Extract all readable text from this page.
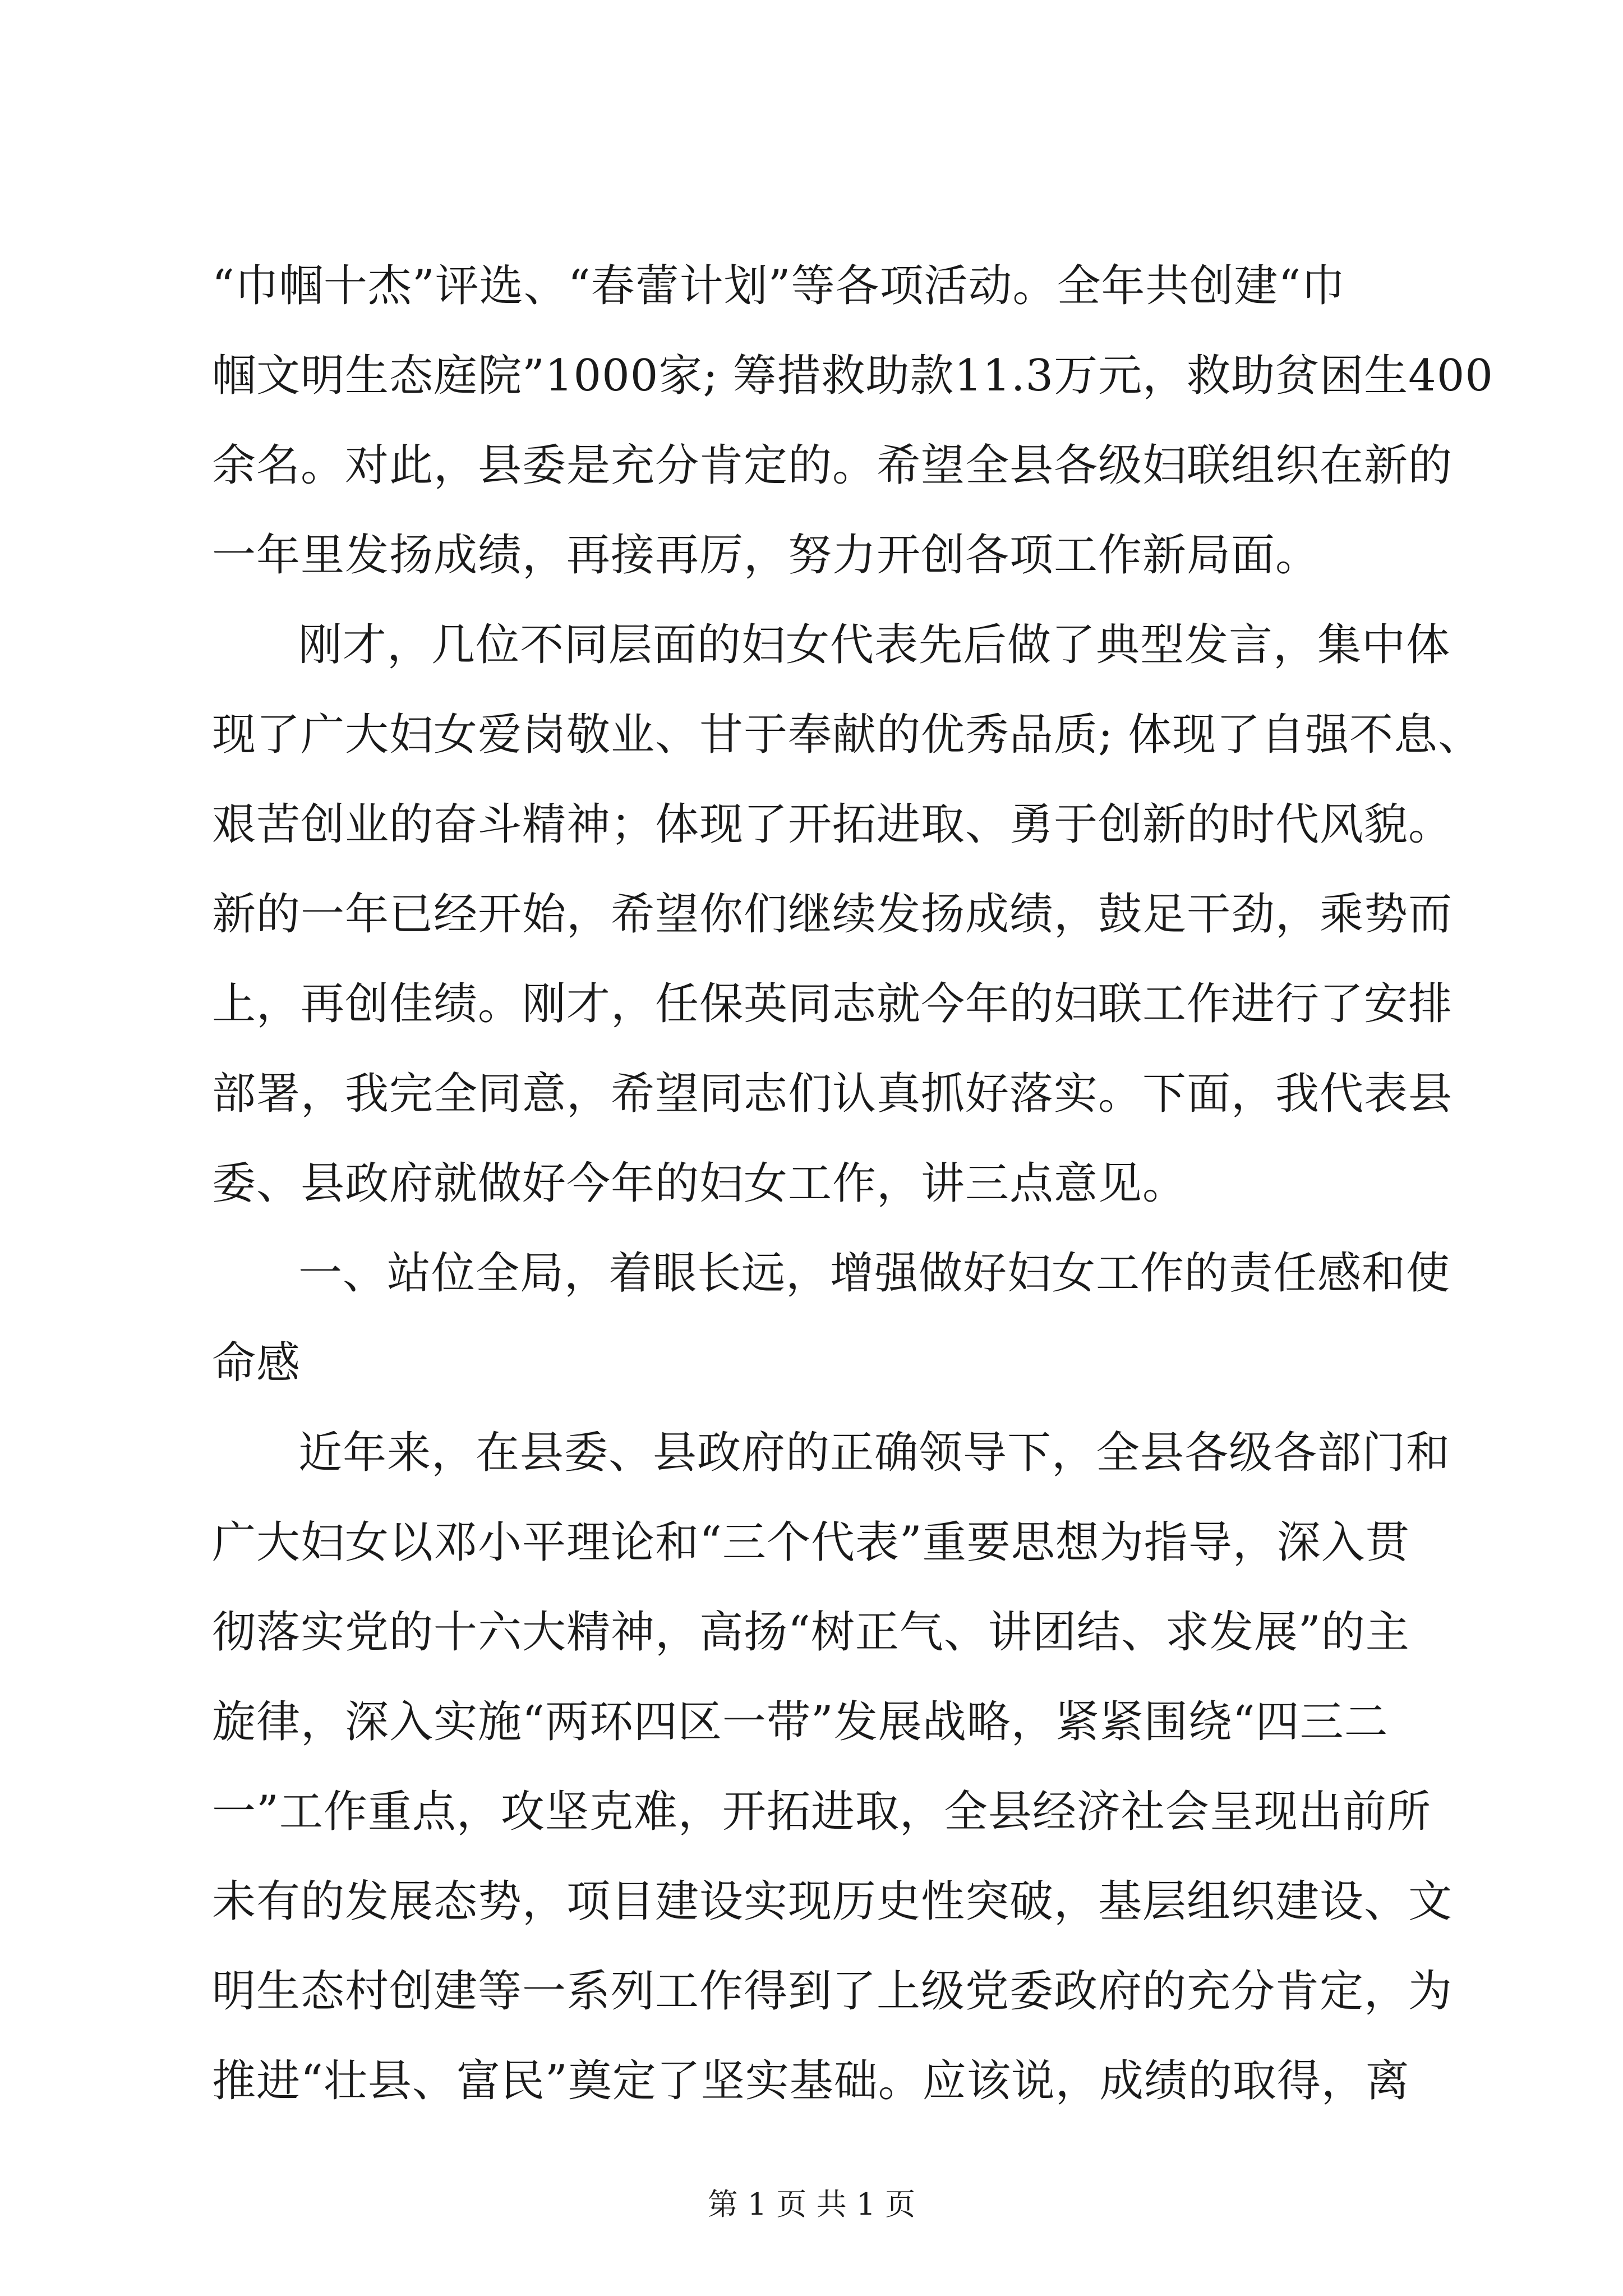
“巾帼十杰”评选、“春蕾计划”等各项活动。全年共创建“巾
帼文明生态庭院”1000家; 筹措救助款11.3万元，救助贫困生400
余名。对此，县委是充分肯定的。希望全县各级妇联组织在新的
一年里发扬成绩，再接再厉，努力开创各项工作新局面。
刚才，几位不同层面的妇女代表先后做了典型发言，集中体
现了广大妇女爱岗敬业、甘于奉献的优秀品质; 体现了自强不息、
艰苦创业的奋斗精神；体现了开拓进取、勇于创新的时代风貌。
新的一年已经开始，希望你们继续发扬成绩，鼓足干劲，乘势而
上，再创佳绩。刚才，任保英同志就今年的妇联工作进行了安排
部署，我完全同意，希望同志们认真抓好落实。下面，我代表县
委、县政府就做好今年的妇女工作，讲三点意见。
一、站位全局，着眼长远，增强做好妇女工作的责任感和使
命感
近年来，在县委、县政府的正确领导下，全县各级各部门和
广大妇女以邓小平理论和“三个代表”重要思想为指导，深入贯
彻落实党的十六大精神，高扬“树正气、讲团结、求发展”的主
旋律，深入实施“两环四区一带”发展战略，紧紧围绕“四三二
一”工作重点，攻坚克难，开拓进取，全县经济社会呈现出前所
未有的发展态势，项目建设实现历史性突破，基层组织建设、文
明生态村创建等一系列工作得到了上级党委政府的充分肯定，为
推进“壮县、富民”奠定了坚实基础。应该说，成绩的取得，离
第 1 页 共 1 页
